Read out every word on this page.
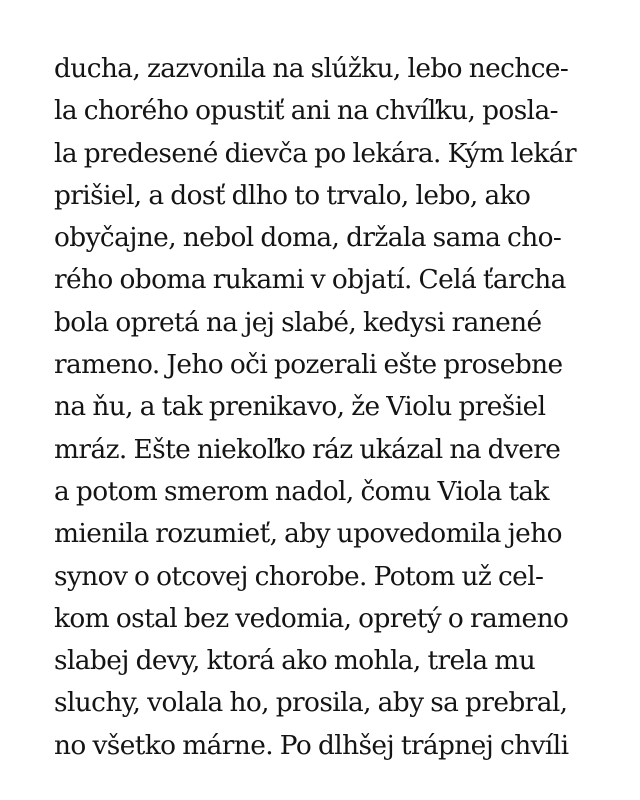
ducha, zazvonila na slúžku, lebo nechce-
la chorého opustiť ani na chvíľku, posla-
la predesené dievča po lekára. Kým lekár
prišiel, a dosť dlho to trvalo, lebo, ako
obyčajne, nebol doma, držala sama cho-
rého oboma rukami v objatí. Celá ťarcha
bola opretá na jej slabé, kedysi ranené
rameno. Jeho oči pozerali ešte prosebne
na ňu, a tak prenikavo, že Violu prešiel
mráz. Ešte niekoľko ráz ukázal na dvere
a potom smerom nadol, čomu Viola tak
mienila rozumieť, aby upovedomila jeho
synov o otcovej chorobe. Potom už cel-
kom ostal bez vedomia, opretý o rameno
slabej devy, ktorá ako mohla, trela mu
sluchy, volala ho, prosila, aby sa prebral,
no všetko márne. Po dlhšej trápnej chvíli
